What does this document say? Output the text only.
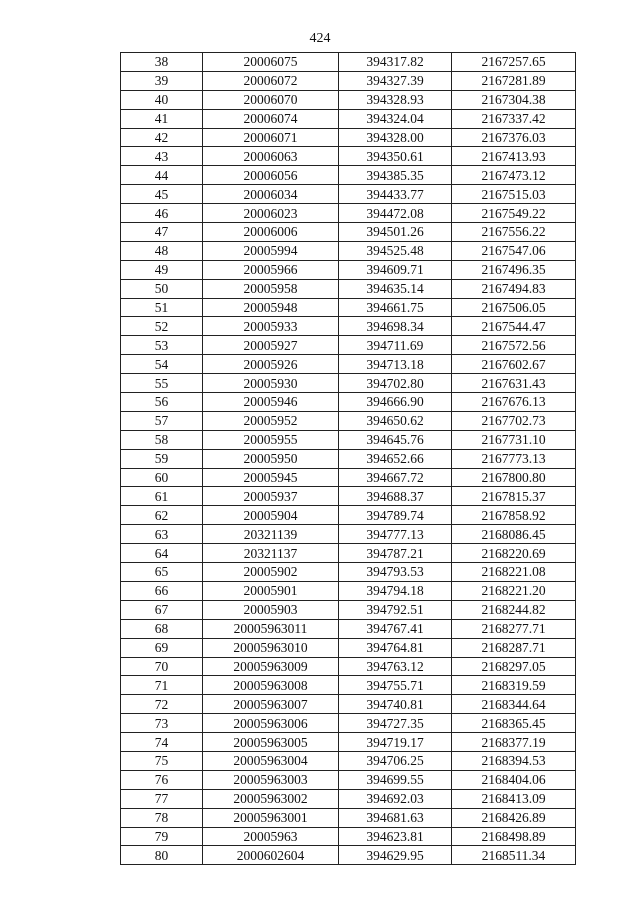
424
38	20006075	394317.82	2167257.65
39	20006072	394327.39	2167281.89
40	20006070	394328.93	2167304.38
41	20006074	394324.04	2167337.42
42	20006071	394328.00	2167376.03
43	20006063	394350.61	2167413.93
44	20006056	394385.35	2167473.12
45	20006034	394433.77	2167515.03
46	20006023	394472.08	2167549.22
47	20006006	394501.26	2167556.22
48	20005994	394525.48	2167547.06
49	20005966	394609.71	2167496.35
50	20005958	394635.14	2167494.83
51	20005948	394661.75	2167506.05
52	20005933	394698.34	2167544.47
53	20005927	394711.69	2167572.56
54	20005926	394713.18	2167602.67
55	20005930	394702.80	2167631.43
56	20005946	394666.90	2167676.13
57	20005952	394650.62	2167702.73
58	20005955	394645.76	2167731.10
59	20005950	394652.66	2167773.13
60	20005945	394667.72	2167800.80
61	20005937	394688.37	2167815.37
62	20005904	394789.74	2167858.92
63	20321139	394777.13	2168086.45
64	20321137	394787.21	2168220.69
65	20005902	394793.53	2168221.08
66	20005901	394794.18	2168221.20
67	20005903	394792.51	2168244.82
68	20005963011	394767.41	2168277.71
69	20005963010	394764.81	2168287.71
70	20005963009	394763.12	2168297.05
71	20005963008	394755.71	2168319.59
72	20005963007	394740.81	2168344.64
73	20005963006	394727.35	2168365.45
74	20005963005	394719.17	2168377.19
75	20005963004	394706.25	2168394.53
76	20005963003	394699.55	2168404.06
77	20005963002	394692.03	2168413.09
78	20005963001	394681.63	2168426.89
79	20005963	394623.81	2168498.89
80	2000602604	394629.95	2168511.34
